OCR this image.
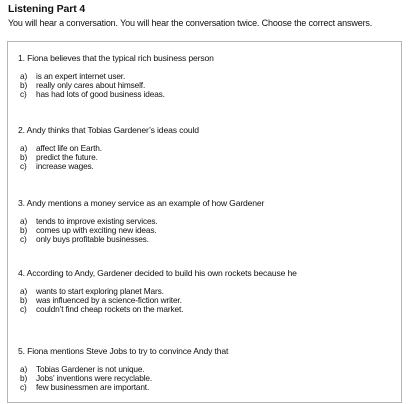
Listening Part 4
You will hear a conversation. You will hear the conversation twice. Choose the correct answers.
1. Fiona believes that the typical rich business person
a)	is an expert internet user.
b)	really only cares about himself.
c)	has had lots of good business ideas.
2. Andy thinks that Tobias Gardener’s ideas could
a)	affect life on Earth.
b)	predict the future.
c)	increase wages.
3. Andy mentions a money service as an example of how Gardener
a)	tends to improve existing services.
b)	comes up with exciting new ideas.
c)	only buys profitable businesses.
4. According to Andy, Gardener decided to build his own rockets because he
a)	wants to start exploring planet Mars.
b)	was influenced by a science-fiction writer.
c)	couldn’t find cheap rockets on the market.
5. Fiona mentions Steve Jobs to try to convince Andy that
a)	Tobias Gardener is not unique.
b)	Jobs’ inventions were recyclable.
c)	few businessmen are important.
